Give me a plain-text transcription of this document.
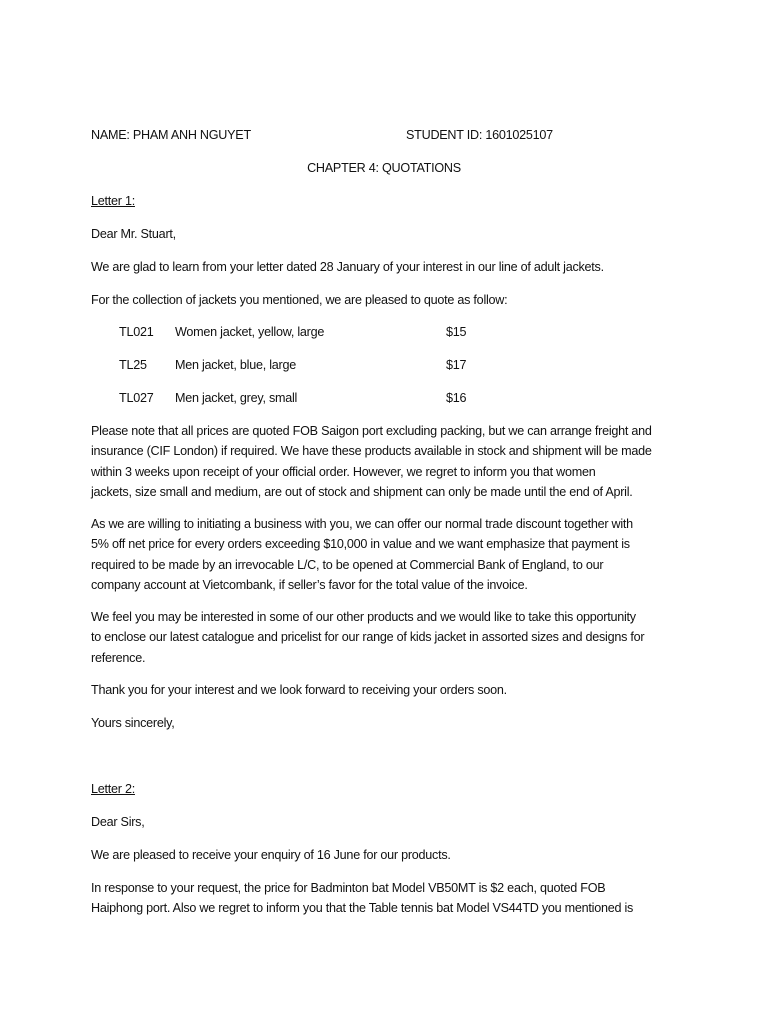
NAME: PHAM ANH NGUYET	STUDENT ID: 1601025107
CHAPTER 4: QUOTATIONS
Letter 1:
Dear Mr. Stuart,
We are glad to learn from your letter dated 28 January of your interest in our line of adult jackets.
For the collection of jackets you mentioned, we are pleased to quote as follow:
TL021 Women jacket, yellow, large	$15
TL25 Men jacket, blue, large	$17
TL027 Men jacket, grey, small	$16
Please note that all prices are quoted FOB Saigon port excluding packing, but we can arrange freight and
insurance (CIF London) if required. We have these products available in stock and shipment will be made
within 3 weeks upon receipt of your official order. However, we regret to inform you that women
jackets, size small and medium, are out of stock and shipment can only be made until the end of April.
As we are willing to initiating a business with you, we can offer our normal trade discount together with
5% off net price for every orders exceeding $10,000 in value and we want emphasize that payment is
required to be made by an irrevocable L/C, to be opened at Commercial Bank of England, to our
company account at Vietcombank, if seller’s favor for the total value of the invoice.
We feel you may be interested in some of our other products and we would like to take this opportunity
to enclose our latest catalogue and pricelist for our range of kids jacket in assorted sizes and designs for
reference.
Thank you for your interest and we look forward to receiving your orders soon.
Yours sincerely,
Letter 2:
Dear Sirs,
We are pleased to receive your enquiry of 16 June for our products.
In response to your request, the price for Badminton bat Model VB50MT is $2 each, quoted FOB
Haiphong port. Also we regret to inform you that the Table tennis bat Model VS44TD you mentioned is
